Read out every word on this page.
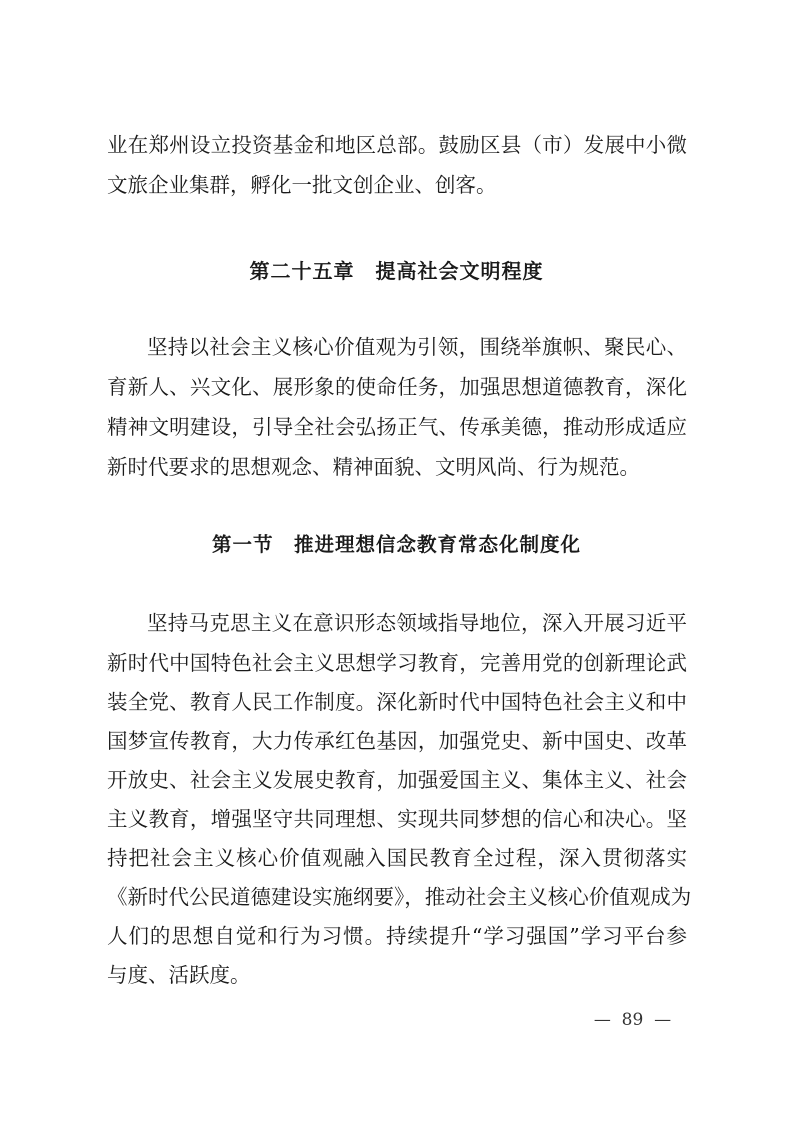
业在郑州设立投资基金和地区总部。鼓励区县（市）发展中小微

文旅企业集群，孵化一批文创企业、创客。

第二十五章　提高社会文明程度

坚持以社会主义核心价值观为引领，围绕举旗帜、聚民心、

育新人、兴文化、展形象的使命任务，加强思想道德教育，深化

精神文明建设，引导全社会弘扬正气、传承美德，推动形成适应

新时代要求的思想观念、精神面貌、文明风尚、行为规范。

第一节　推进理想信念教育常态化制度化

坚持马克思主义在意识形态领域指导地位，深入开展习近平

新时代中国特色社会主义思想学习教育，完善用党的创新理论武

装全党、教育人民工作制度。深化新时代中国特色社会主义和中

国梦宣传教育，大力传承红色基因，加强党史、新中国史、改革

开放史、社会主义发展史教育，加强爱国主义、集体主义、社会

主义教育，增强坚守共同理想、实现共同梦想的信心和决心。坚

持把社会主义核心价值观融入国民教育全过程，深入贯彻落实

《新时代公民道德建设实施纲要》，推动社会主义核心价值观成为

人们的思想自觉和行为习惯。持续提升“学习强国”学习平台参

与度、活跃度。

—  89  —
